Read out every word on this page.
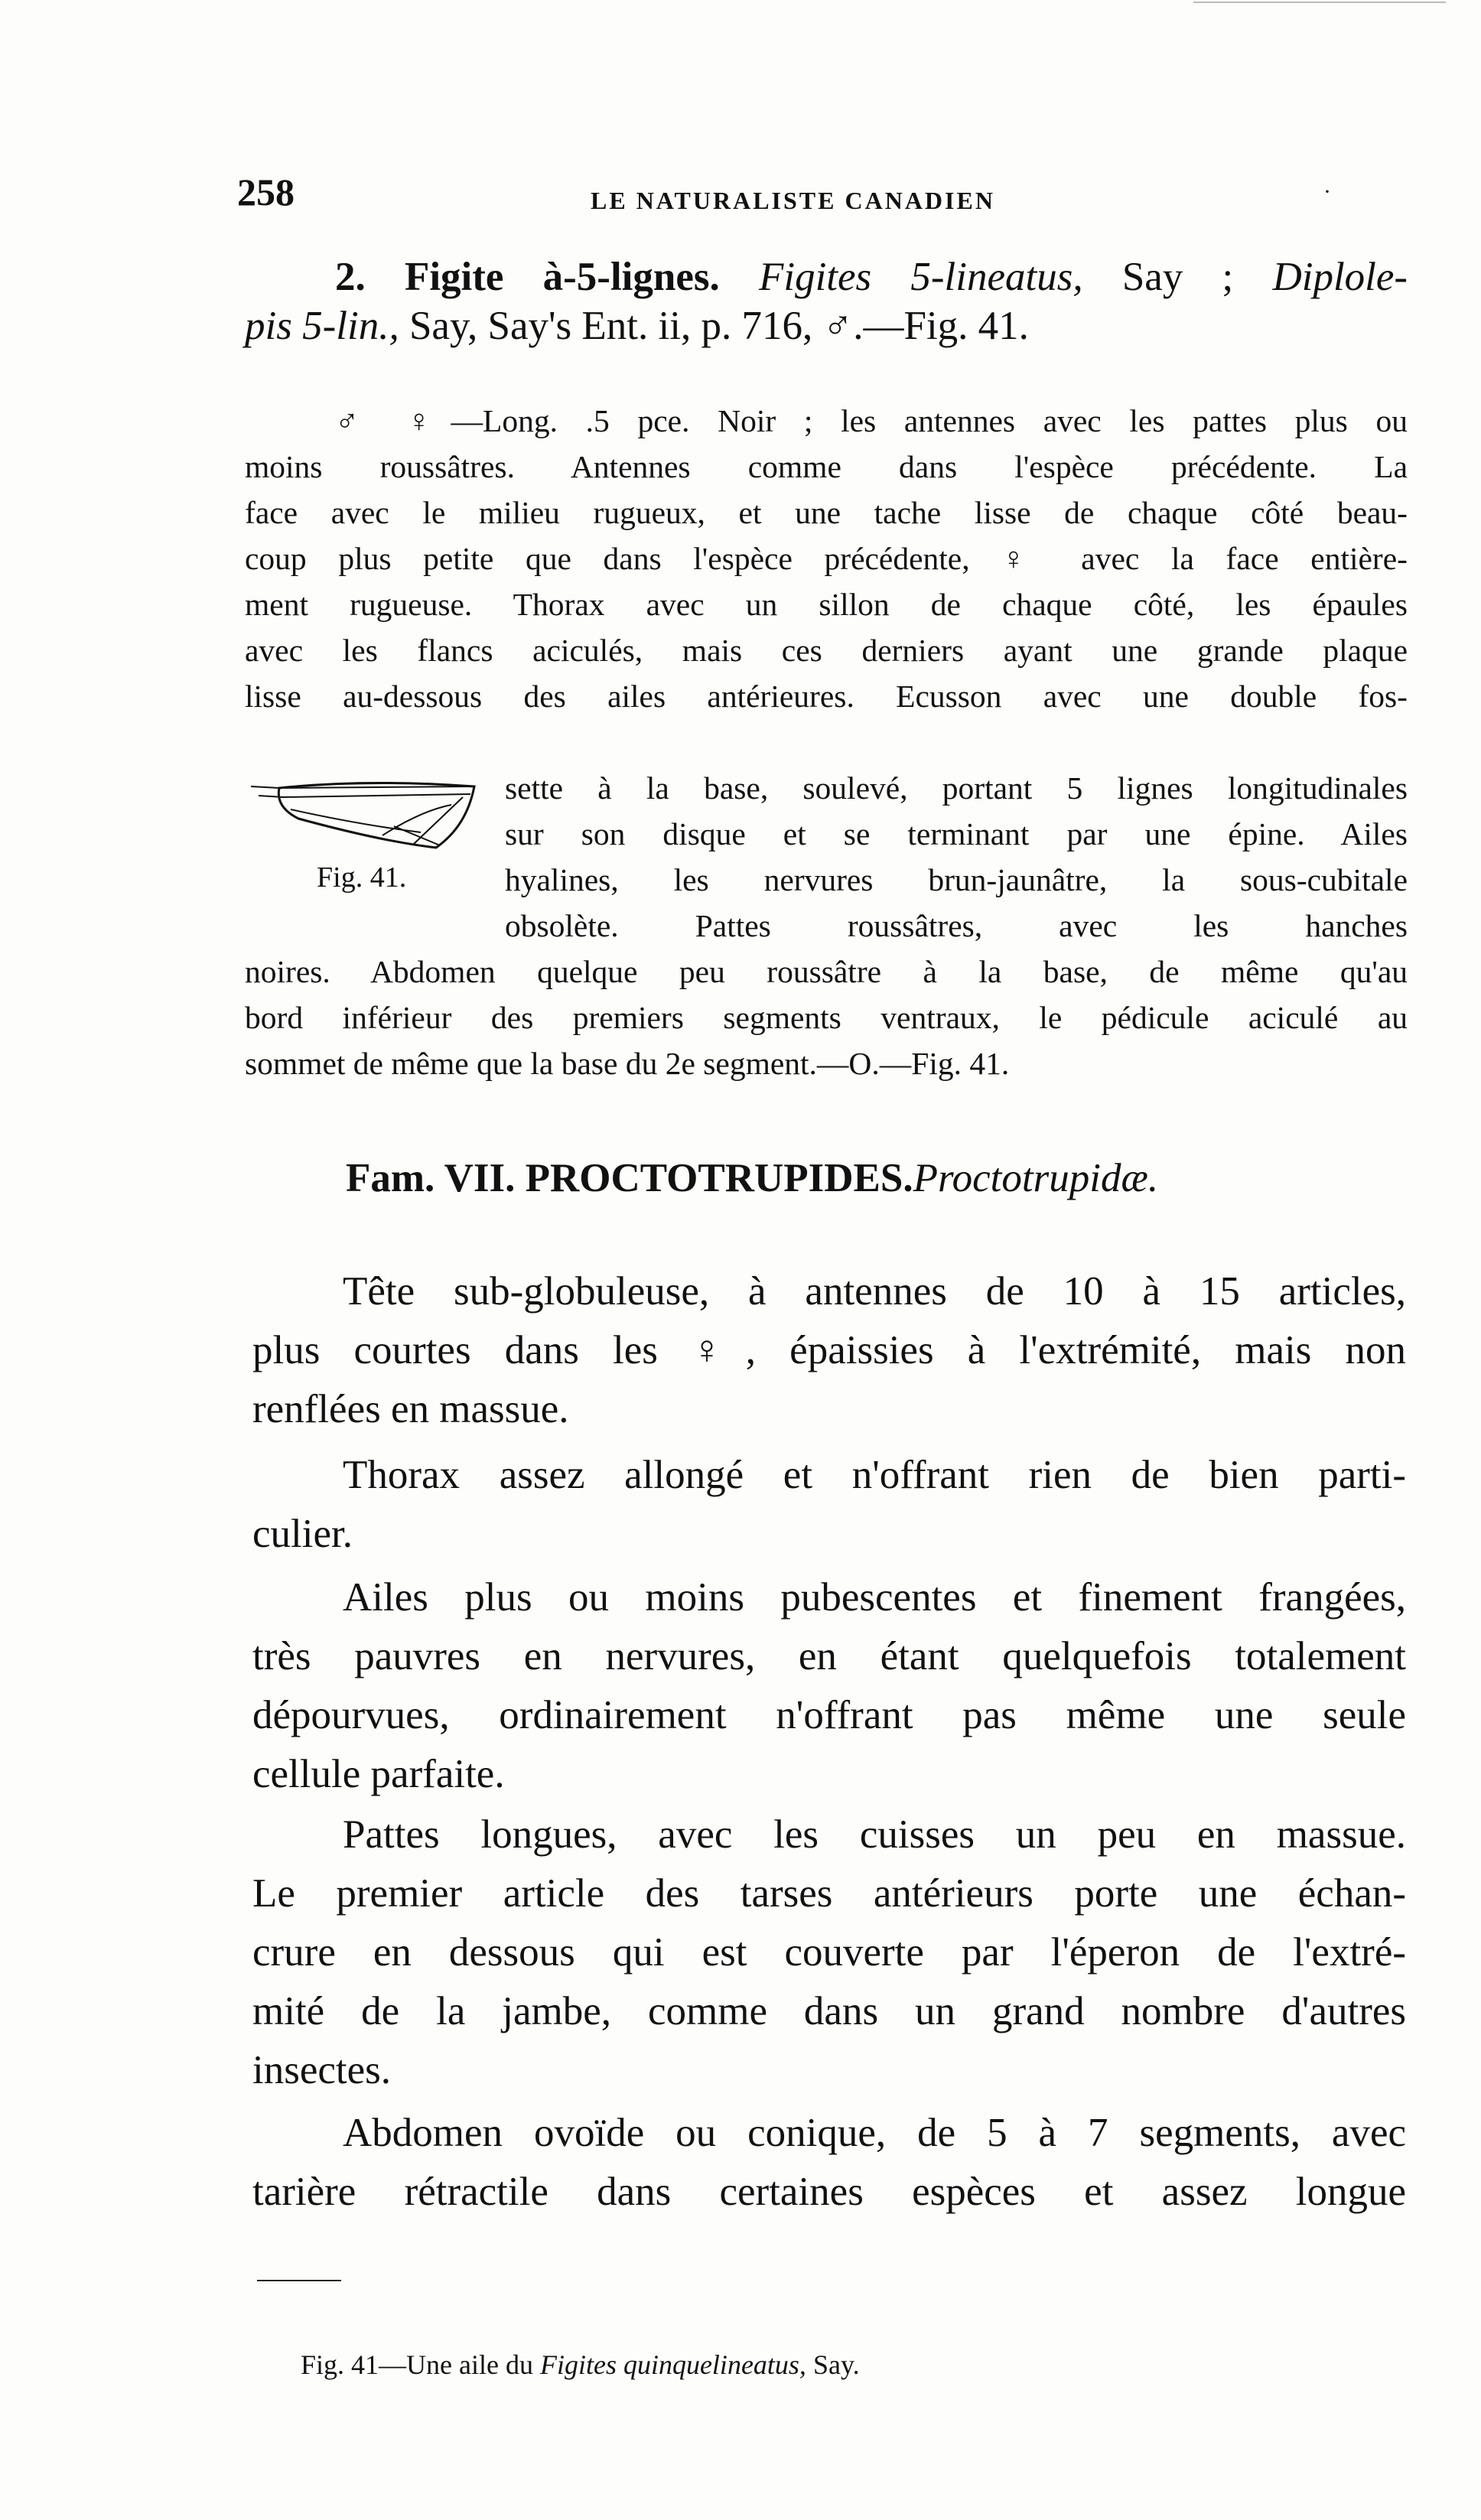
258	LE NATURALISTE CANADIEN	·
2. Figite à-5-lignes. Figites 5-lineatus, Say ; Diplole-
pis 5-lin., Say, Say's Ent. ii, p. 716, ♂.—Fig. 41.
♂ ♀—Long. .5 pce. Noir ; les antennes avec les pattes plus ou
moins roussâtres. Antennes comme dans l'espèce précédente. La
face avec le milieu rugueux, et une tache lisse de chaque côté beau-
coup plus petite que dans l'espèce précédente, ♀ avec la face entière-
ment rugueuse. Thorax avec un sillon de chaque côté, les épaules
avec les flancs aciculés, mais ces derniers ayant une grande plaque
lisse au-dessous des ailes antérieures. Ecusson avec une double fos-
Fig. 41.
sette à la base, soulevé, portant 5 lignes longitudinales
sur son disque et se terminant par une épine. Ailes
hyalines, les nervures brun-jaunâtre, la sous-cubitale
obsolète. Pattes roussâtres, avec les hanches
noires. Abdomen quelque peu roussâtre à la base, de même qu'au
bord inférieur des premiers segments ventraux, le pédicule aciculé au
sommet de même que la base du 2e segment.—O.—Fig. 41.
Fam. VII. PROCTOTRUPIDES.Proctotrupidæ.
Tête sub-globuleuse, à antennes de 10 à 15 articles,
plus courtes dans les ♀, épaissies à l'extrémité, mais non
renflées en massue.
Thorax assez allongé et n'offrant rien de bien parti-
culier.
Ailes plus ou moins pubescentes et finement frangées,
très pauvres en nervures, en étant quelquefois totalement
dépourvues, ordinairement n'offrant pas même une seule
cellule parfaite.
Pattes longues, avec les cuisses un peu en massue.
Le premier article des tarses antérieurs porte une échan-
crure en dessous qui est couverte par l'éperon de l'extré-
mité de la jambe, comme dans un grand nombre d'autres
insectes.
Abdomen ovoïde ou conique, de 5 à 7 segments, avec
tarière rétractile dans certaines espèces et assez longue
Fig. 41—Une aile du Figites quinquelineatus, Say.
